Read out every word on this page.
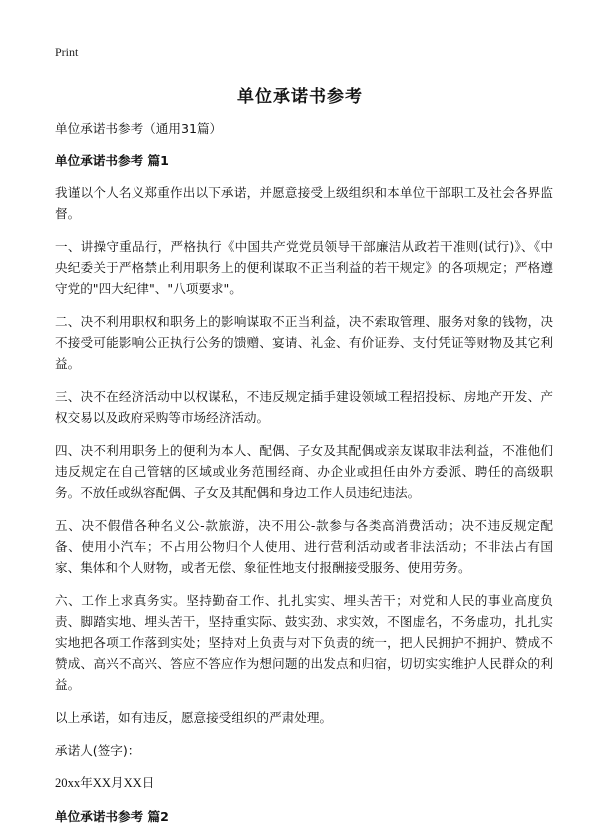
Print
单位承诺书参考

单位承诺书参考（通用31篇）

单位承诺书参考 篇1

我谨以个人名义郑重作出以下承诺，并愿意接受上级组织和本单位干部职工及社会各界监督。

一、讲操守重品行，严格执行《中国共产党党员领导干部廉洁从政若干准则(试行)》、《中央纪委关于严格禁止利用职务上的便利谋取不正当利益的若干规定》的各项规定；严格遵守党的"四大纪律"、"八项要求"。

二、决不利用职权和职务上的影响谋取不正当利益，决不索取管理、服务对象的钱物，决不接受可能影响公正执行公务的馈赠、宴请、礼金、有价证券、支付凭证等财物及其它利益。

三、决不在经济活动中以权谋私，不违反规定插手建设领域工程招投标、房地产开发、产权交易以及政府采购等市场经济活动。

四、决不利用职务上的便利为本人、配偶、子女及其配偶或亲友谋取非法利益，不准他们违反规定在自己管辖的区域或业务范围经商、办企业或担任由外方委派、聘任的高级职务。不放任或纵容配偶、子女及其配偶和身边工作人员违纪违法。

五、决不假借各种名义公-款旅游，决不用公-款参与各类高消费活动；决不违反规定配备、使用小汽车；不占用公物归个人使用、进行营利活动或者非法活动；不非法占有国家、集体和个人财物，或者无偿、象征性地支付报酬接受服务、使用劳务。

六、工作上求真务实。坚持勤奋工作、扎扎实实、埋头苦干；对党和人民的事业高度负责、脚踏实地、埋头苦干，坚持重实际、鼓实劲、求实效，不图虚名，不务虚功，扎扎实实地把各项工作落到实处；坚持对上负责与对下负责的统一，把人民拥护不拥护、赞成不赞成、高兴不高兴、答应不答应作为想问题的出发点和归宿，切切实实维护人民群众的利益。

以上承诺，如有违反，愿意接受组织的严肃处理。

承诺人(签字)：

20xx年XX月XX日

单位承诺书参考 篇2
